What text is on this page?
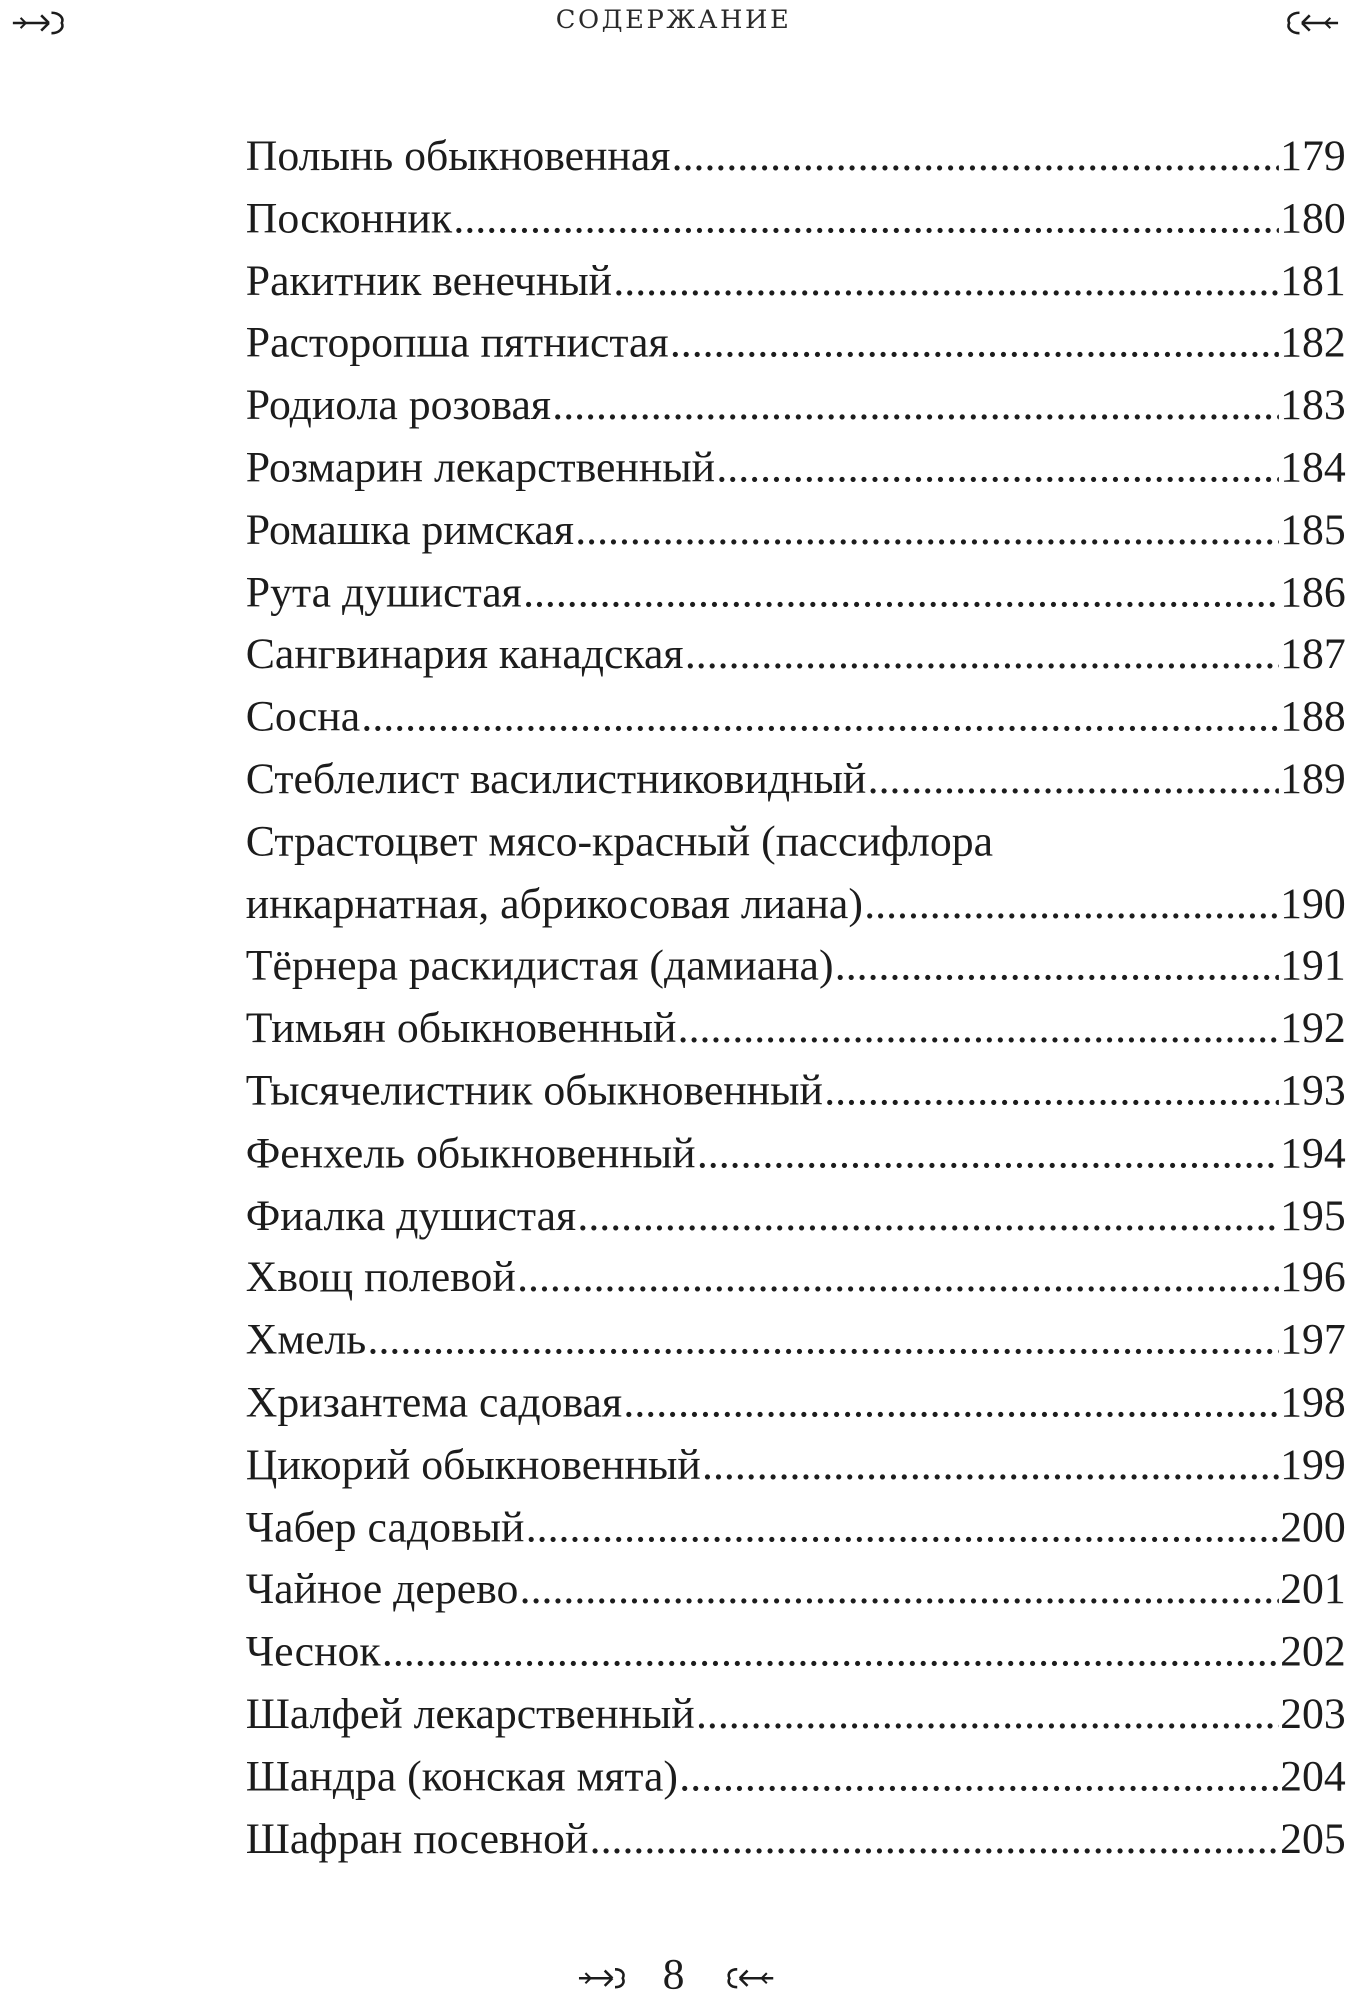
СОДЕРЖАНИЕ
Полынь обыкновенная .....	179
Посконник .....	180
Ракитник венечный .....	181
Расторопша пятнистая .....	182
Родиола розовая .....	183
Розмарин лекарственный .....	184
Ромашка римская .....	185
Рута душистая .....	186
Сангвинария канадская .....	187
Сосна .....	188
Стеблелист василистниковидный .....	189
Страстоцвет мясо-красный (пассифлора
инкарнатная, абрикосовая лиана) .....	190
Тёрнера раскидистая (дамиана) .....	191
Тимьян обыкновенный .....	192
Тысячелистник обыкновенный .....	193
Фенхель обыкновенный .....	194
Фиалка душистая .....	195
Хвощ полевой .....	196
Хмель .....	197
Хризантема садовая .....	198
Цикорий обыкновенный .....	199
Чабер садовый .....	200
Чайное дерево .....	201
Чеснок .....	202
Шалфей лекарственный .....	203
Шандра (конская мята) .....	204
Шафран посевной .....	205
8
